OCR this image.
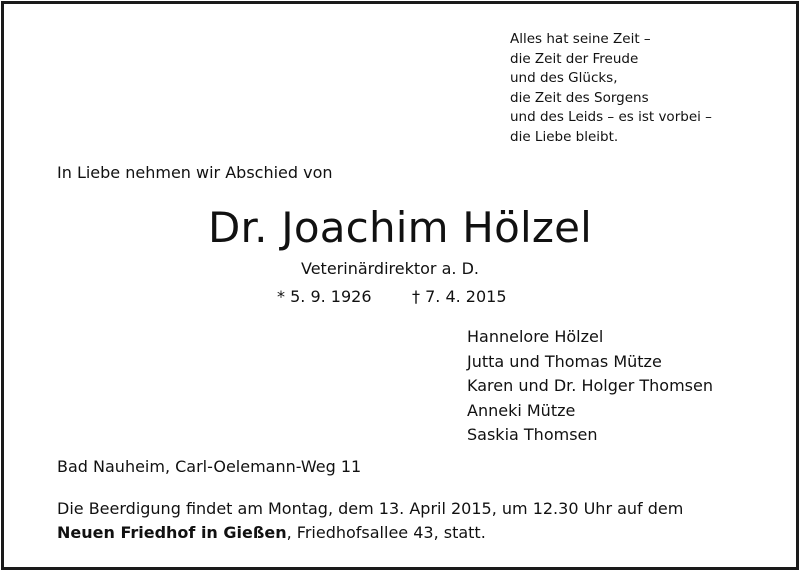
Alles hat seine Zeit –
die Zeit der Freude
und des Glücks,
die Zeit des Sorgens
und des Leids – es ist vorbei –
die Liebe bleibt.
In Liebe nehmen wir Abschied von
Dr. Joachim Hölzel
Veterinärdirektor a. D.
* 5. 9. 1926	† 7. 4. 2015
Hannelore Hölzel
Jutta und Thomas Mütze
Karen und Dr. Holger Thomsen
Anneki Mütze
Saskia Thomsen
Bad Nauheim, Carl-Oelemann-Weg 11
Die Beerdigung findet am Montag, dem 13. April 2015, um 12.30 Uhr auf dem
Neuen Friedhof in Gießen, Friedhofsallee 43, statt.
